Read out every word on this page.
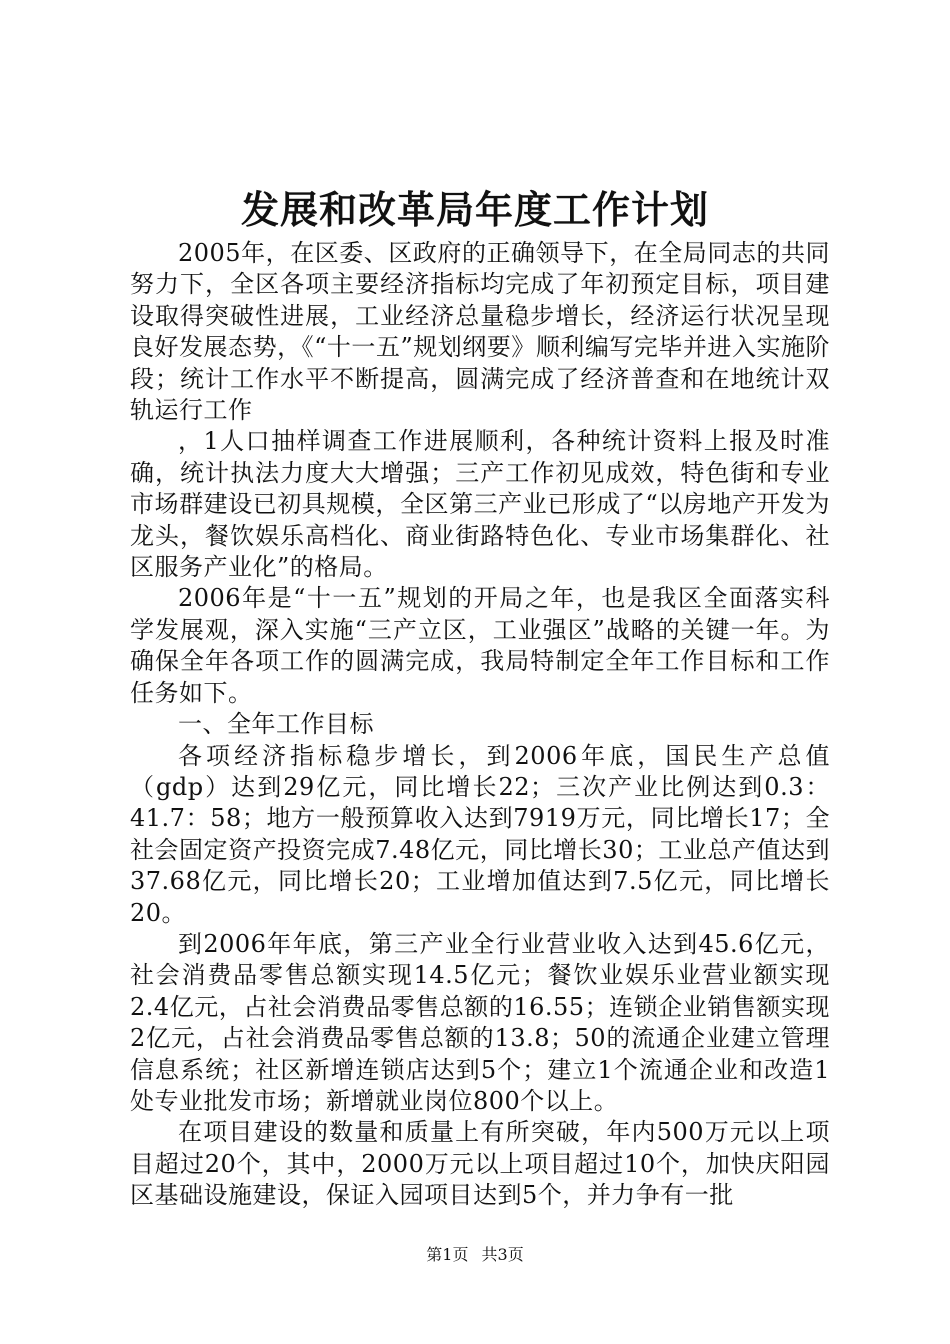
发展和改革局年度工作计划

2005年，在区委、区政府的正确领导下，在全局同志的共同努力下，全区各项主要经济指标均完成了年初预定目标，项目建设取得突破性进展，工业经济总量稳步增长，经济运行状况呈现良好发展态势，《“十一五”规划纲要》顺利编写完毕并进入实施阶段；统计工作水平不断提高，圆满完成了经济普查和在地统计双轨运行工作

，1人口抽样调查工作进展顺利，各种统计资料上报及时准确，统计执法力度大大增强；三产工作初见成效，特色街和专业市场群建设已初具规模，全区第三产业已形成了“以房地产开发为龙头，餐饮娱乐高档化、商业街路特色化、专业市场集群化、社区服务产业化”的格局。

2006年是“十一五”规划的开局之年，也是我区全面落实科学发展观，深入实施“三产立区，工业强区”战略的关键一年。为确保全年各项工作的圆满完成，我局特制定全年工作目标和工作任务如下。

一、全年工作目标

各项经济指标稳步增长，到2006年底，国民生产总值（gdp）达到29亿元，同比增长22；三次产业比例达到0.3：41.7：58；地方一般预算收入达到7919万元，同比增长17；全社会固定资产投资完成7.48亿元，同比增长30；工业总产值达到37.68亿元，同比增长20；工业增加值达到7.5亿元，同比增长20。

到2006年年底，第三产业全行业营业收入达到45.6亿元，社会消费品零售总额实现14.5亿元；餐饮业娱乐业营业额实现2.4亿元，占社会消费品零售总额的16.55；连锁企业销售额实现2亿元，占社会消费品零售总额的13.8；50的流通企业建立管理信息系统；社区新增连锁店达到5个；建立1个流通企业和改造1处专业批发市场；新增就业岗位800个以上。

在项目建设的数量和质量上有所突破，年内500万元以上项目超过20个，其中，2000万元以上项目超过10个，加快庆阳园区基础设施建设，保证入园项目达到5个，并力争有一批

第1页 共3页
